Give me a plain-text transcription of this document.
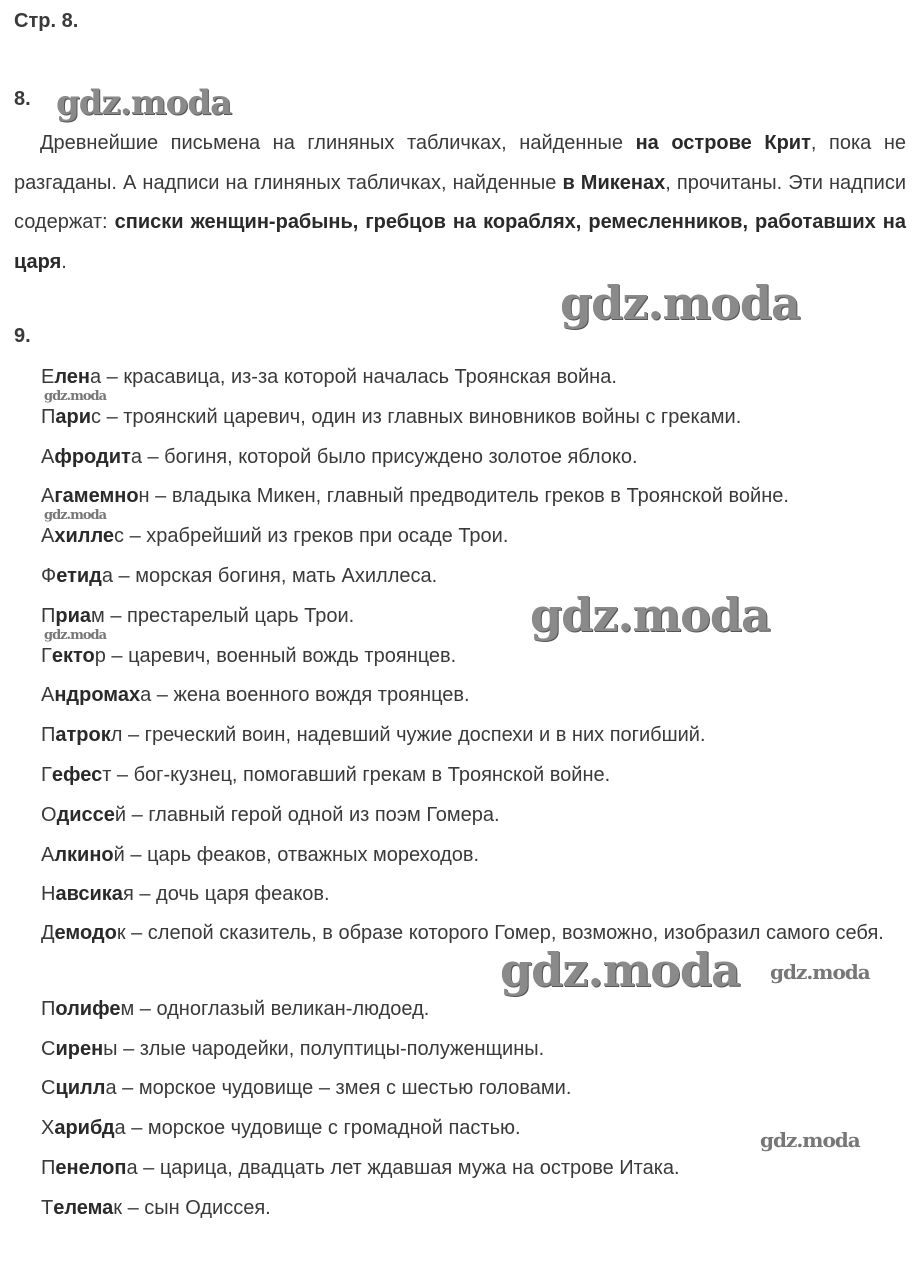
Стр. 8.
8.
Древнейшие письмена на глиняных табличках, найденные на острове Крит, пока не разгаданы. А надписи на глиняных табличках, найденные в Микенах, прочитаны. Эти надписи содержат: списки женщин-рабынь, гребцов на кораблях, ремесленников, работавших на царя.
9.
Елена – красавица, из-за которой началась Троянская война.
Парис – троянский царевич, один из главных виновников войны с греками.
Афродита – богиня, которой было присуждено золотое яблоко.
Агамемнон – владыка Микен, главный предводитель греков в Троянской войне.
Ахиллес – храбрейший из греков при осаде Трои.
Фетида – морская богиня, мать Ахиллеса.
Приам – престарелый царь Трои.
Гектор – царевич, военный вождь троянцев.
Андромаха – жена военного вождя троянцев.
Патрокл – греческий воин, надевший чужие доспехи и в них погибший.
Гефест – бог-кузнец, помогавший грекам в Троянской войне.
Одиссей – главный герой одной из поэм Гомера.
Алкиной – царь феаков, отважных мореходов.
Навсикая – дочь царя феаков.
Демодок – слепой сказитель, в образе которого Гомер, возможно, изобразил самого себя.
Полифем – одноглазый великан-людоед.
Сирены – злые чародейки, полуптицы-полуженщины.
Сцилла – морское чудовище – змея с шестью головами.
Харибда – морское чудовище с громадной пастью.
Пенелопа – царица, двадцать лет ждавшая мужа на острове Итака.
Телемак – сын Одиссея.
gdz.moda
gdz.moda
gdz.moda
gdz.moda
gdz.moda
gdz.moda
gdz.moda gdz.moda
gdz.moda
